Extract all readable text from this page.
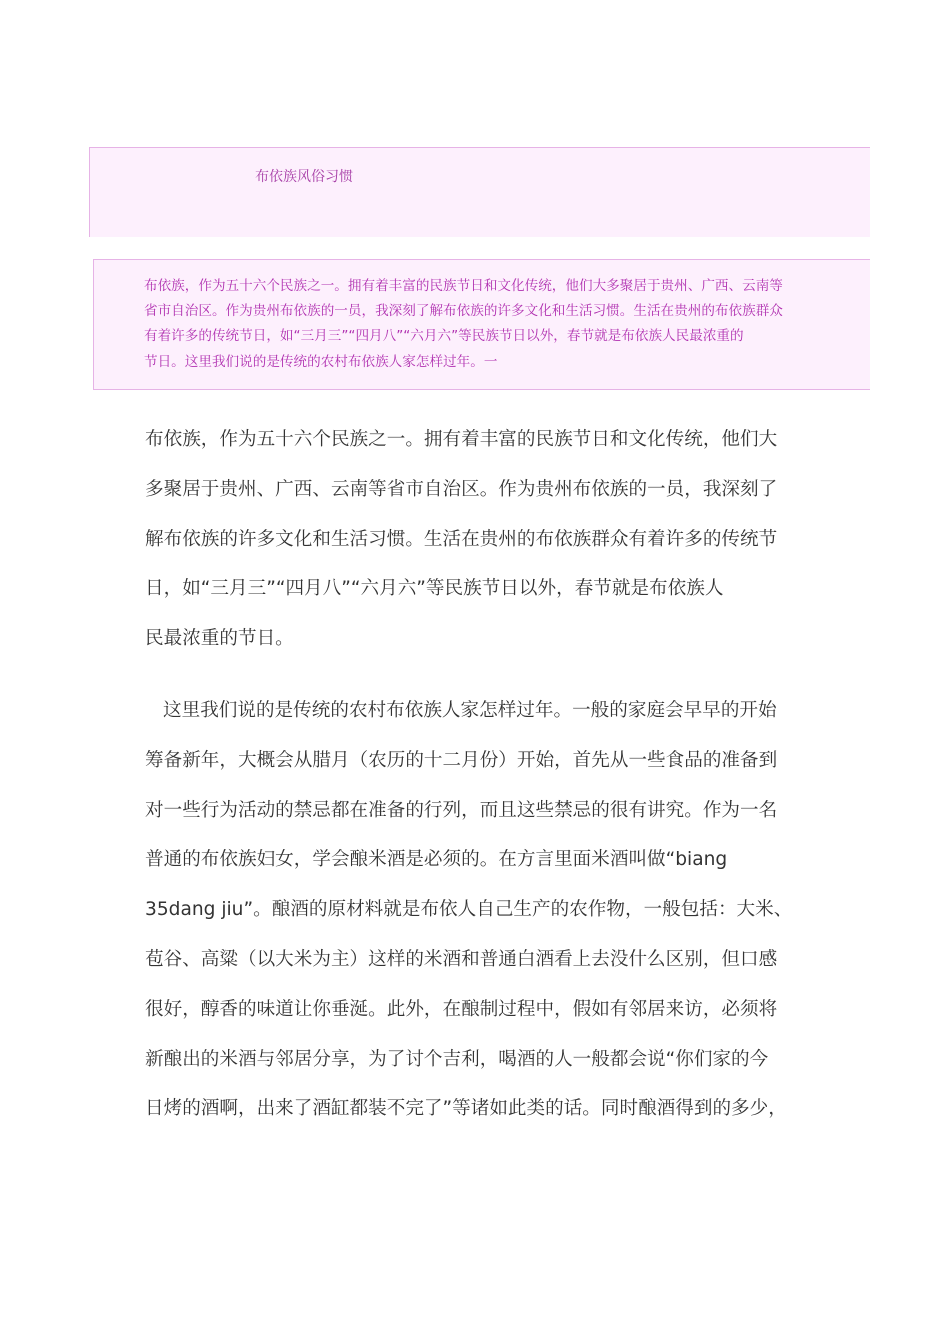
布依族风俗习惯

布依族，作为五十六个民族之一。拥有着丰富的民族节日和文化传统，他们大多聚居于贵州、广西、云南等
省市自治区。作为贵州布依族的一员，我深刻了解布依族的许多文化和生活习惯。生活在贵州的布依族群众
有着许多的传统节日，如“三月三”“四月八”“六月六”等民族节日以外，春节就是布依族人民最浓重的
节日。这里我们说的是传统的农村布依族人家怎样过年。一

布依族，作为五十六个民族之一。拥有着丰富的民族节日和文化传统，他们大
多聚居于贵州、广西、云南等省市自治区。作为贵州布依族的一员，我深刻了
解布依族的许多文化和生活习惯。生活在贵州的布依族群众有着许多的传统节
日，如“三月三”“四月八”“六月六”等民族节日以外，春节就是布依族人
民最浓重的节日。

这里我们说的是传统的农村布依族人家怎样过年。一般的家庭会早早的开始
筹备新年，大概会从腊月（农历的十二月份）开始，首先从一些食品的准备到
对一些行为活动的禁忌都在准备的行列，而且这些禁忌的很有讲究。作为一名
普通的布依族妇女，学会酿米酒是必须的。在方言里面米酒叫做“biang
35dang jiu”。酿酒的原材料就是布依人自己生产的农作物，一般包括：大米、
苞谷、高粱（以大米为主）这样的米酒和普通白酒看上去没什么区别，但口感
很好，醇香的味道让你垂涎。此外，在酿制过程中，假如有邻居来访，必须将
新酿出的米酒与邻居分享，为了讨个吉利，喝酒的人一般都会说“你们家的今
日烤的酒啊，出来了酒缸都装不完了”等诸如此类的话。同时酿酒得到的多少，
